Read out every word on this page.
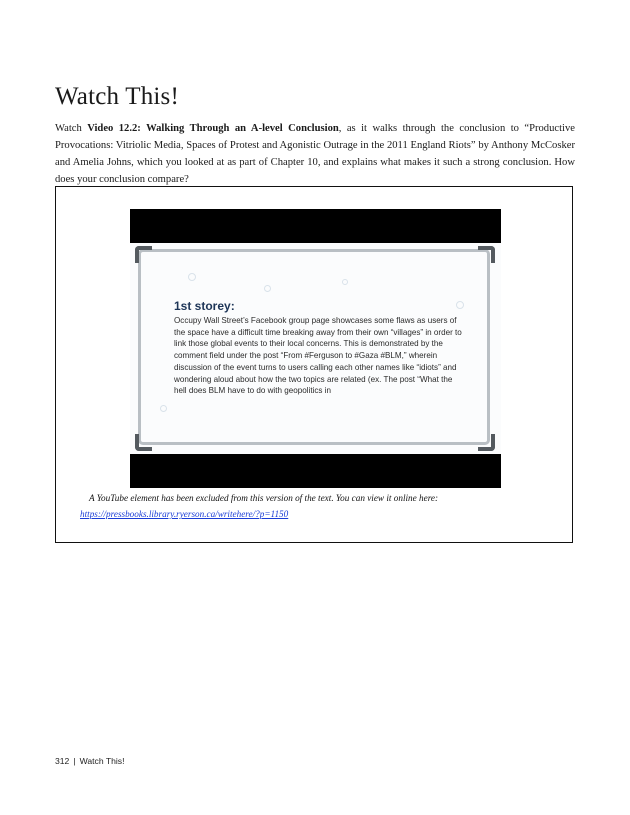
Watch This!

Watch Video 12.2: Walking Through an A-level Conclusion, as it walks through the conclusion to “Productive Provocations: Vitriolic Media, Spaces of Protest and Agonistic Outrage in the 2011 England Riots” by Anthony McCosker and Amelia Johns, which you looked at as part of Chapter 10, and explains what makes it such a strong conclusion. How does your conclusion compare?

1st storey:
Occupy Wall Street’s Facebook group page showcases some flaws as users of the space have a difficult time breaking away from their own “villages” in order to link those global events to their local concerns. This is demonstrated by the comment field under the post “From #Ferguson to #Gaza #BLM,” wherein discussion of the event turns to users calling each other names like “idiots” and wondering aloud about how the two topics are related (ex. The post “What the hell does BLM have to do with geopolitics in
A YouTube element has been excluded from this version of the text. You can view it online here:
https://pressbooks.library.ryerson.ca/writehere/?p=1150
312 | Watch This!
